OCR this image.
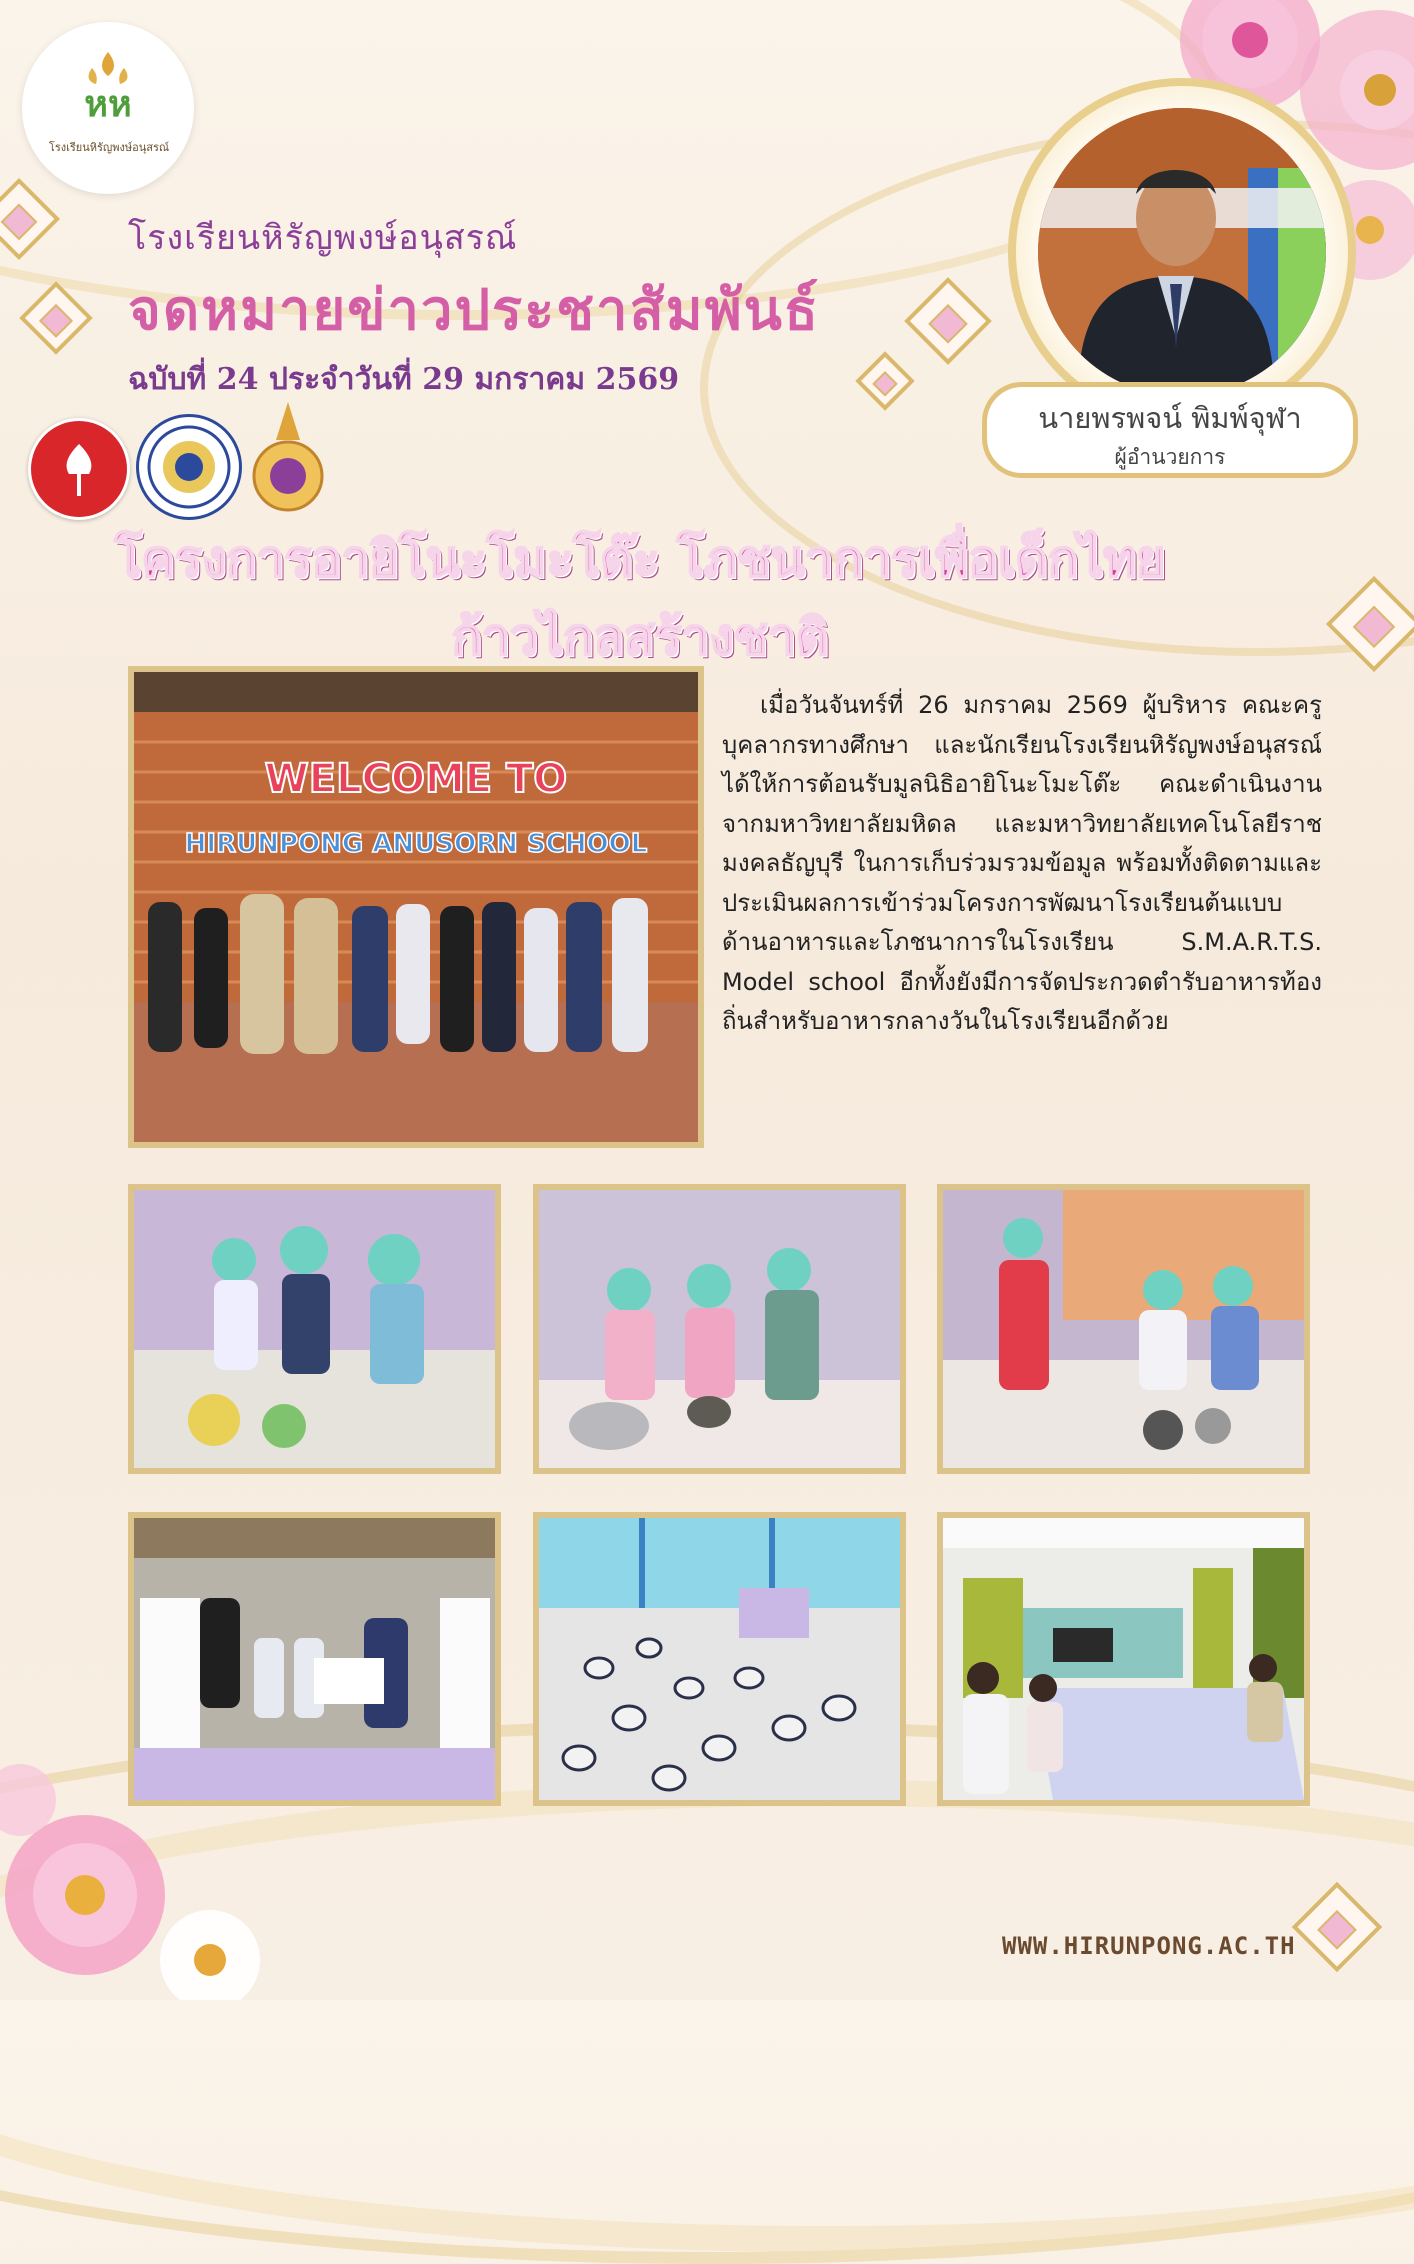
หห
โรงเรียนหิรัญพงษ์อนุสรณ์
โรงเรียนหิรัญพงษ์อนุสรณ์
จดหมายข่าวประชาสัมพันธ์
ฉบับที่ 24 ประจำวันที่ 29 มกราคม 2569
นายพรพจน์ พิมพ์จุฬา
ผู้อำนวยการ
โครงการอายิโนะโมะโต๊ะ โภชนาการเพื่อเด็กไทย
ก้าวไกลสร้างชาติ
WELCOME TO
HIRUNPONG ANUSORN SCHOOL
เมื่อวันจันทร์ที่ 26 มกราคม 2569 ผู้บริหาร คณะครู บุคลากรทางศึกษา และนักเรียนโรงเรียนหิรัญพงษ์อนุสรณ์ได้ให้การต้อนรับมูลนิธิอายิโนะโมะโต๊ะ คณะดำเนินงานจากมหาวิทยาลัยมหิดล และมหาวิทยาลัยเทคโนโลยีราชมงคลธัญบุรี ในการเก็บร่วมรวมข้อมูล พร้อมทั้งติดตามและประเมินผลการเข้าร่วมโครงการพัฒนาโรงเรียนต้นแบบด้านอาหารและโภชนาการในโรงเรียน S.M.A.R.T.S. Model school อีกทั้งยังมีการจัดประกวดตำรับอาหารท้องถิ่นสำหรับอาหารกลางวันในโรงเรียนอีกด้วย
WWW.HIRUNPONG.AC.TH
